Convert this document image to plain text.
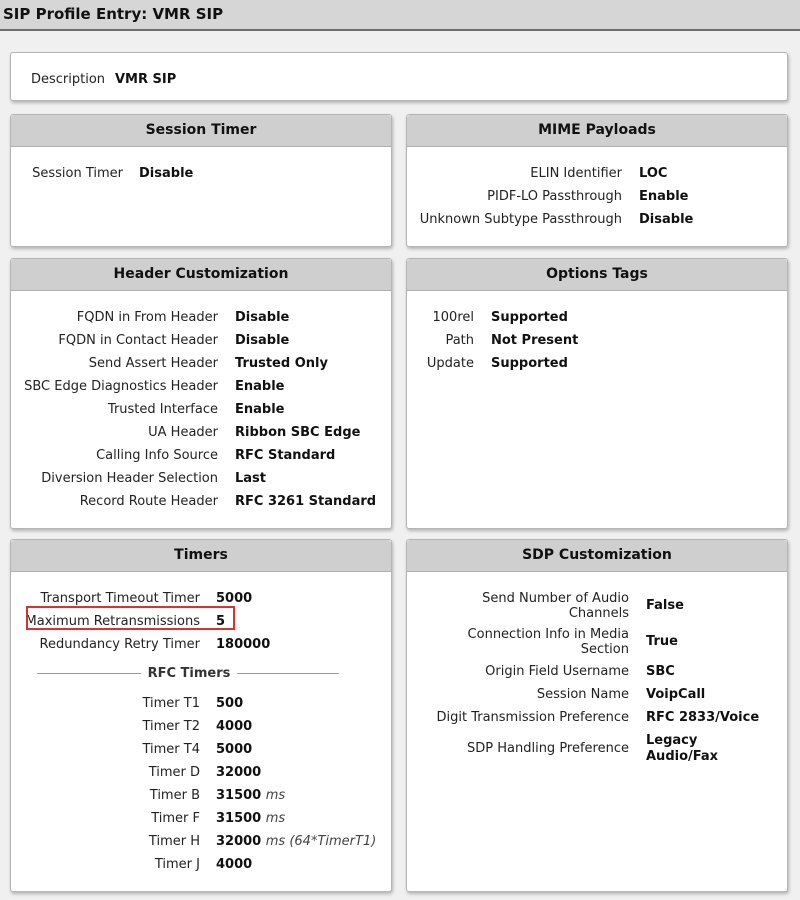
SIP Profile Entry: VMR SIP
Description VMR SIP
Session Timer
Session Timer Disable
MIME Payloads
ELIN Identifier LOC
PIDF-LO Passthrough Enable
Unknown Subtype Passthrough Disable
Header Customization
FQDN in From Header Disable
FQDN in Contact Header Disable
Send Assert Header Trusted Only
SBC Edge Diagnostics Header Enable
Trusted Interface Enable
UA Header Ribbon SBC Edge
Calling Info Source RFC Standard
Diversion Header Selection Last
Record Route Header RFC 3261 Standard
Options Tags
100rel Supported
Path Not Present
Update Supported
Timers
Transport Timeout Timer 5000
Maximum Retransmissions 5
Redundancy Retry Timer 180000
RFC Timers
Timer T1 500
Timer T2 4000
Timer T4 5000
Timer D 32000
Timer B 31500 ms
Timer F 31500 ms
Timer H 32000 ms (64*TimerT1)
Timer J 4000
SDP Customization
Send Number of Audio Channels
False
Connection Info in Media Section
True
Origin Field Username SBC
Session Name VoipCall
Digit Transmission Preference RFC 2833/Voice
SDP Handling Preference
Legacy Audio/Fax
